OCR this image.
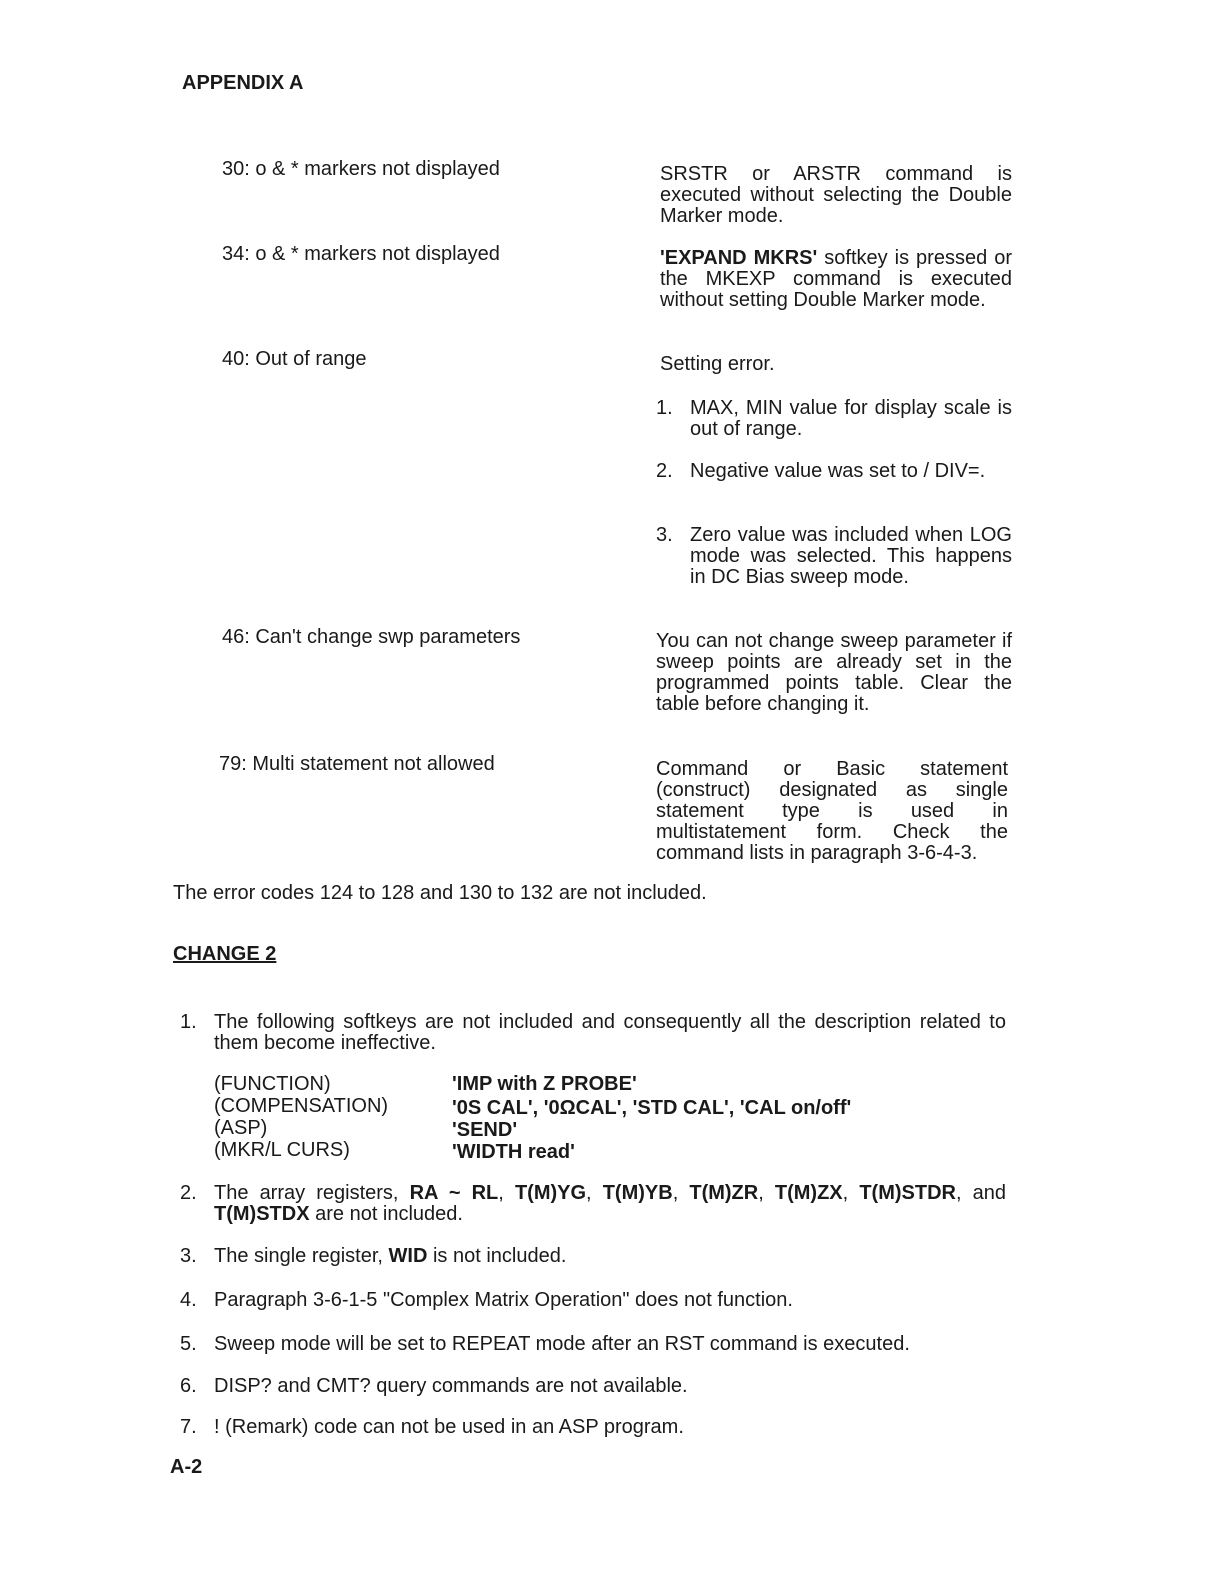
APPENDIX A
30: o & * markers not displayed	SRSTR or ARSTR command is executed without selecting the Double Marker mode.
34: o & * markers not displayed	'EXPAND MKRS' softkey is pressed or the MKEXP command is executed without setting Double Marker mode.
40: Out of range	Setting error.
1. MAX, MIN value for display scale is out of range.
2. Negative value was set to / DIV=.
3. Zero value was included when LOG mode was selected. This happens in DC Bias sweep mode.
46: Can't change swp parameters	You can not change sweep parameter if sweep points are already set in the programmed points table. Clear the table before changing it.
79: Multi statement not allowed	Command or Basic statement (construct) designated as single statement type is used in multistatement form. Check the command lists in paragraph 3-6-4-3.
The error codes 124 to 128 and 130 to 132 are not included.
CHANGE 2
1. The following softkeys are not included and consequently all the description related to them become ineffective.
(FUNCTION)	'IMP with Z PROBE'
(COMPENSATION)	'0S CAL', '0ΩCAL', 'STD CAL', 'CAL on/off'
(ASP)	'SEND'
(MKR/L CURS)	'WIDTH read'
2. The array registers, RA ~ RL, T(M)YG, T(M)YB, T(M)ZR, T(M)ZX, T(M)STDR, and T(M)STDX are not included.
3. The single register, WID is not included.
4. Paragraph 3-6-1-5 "Complex Matrix Operation" does not function.
5. Sweep mode will be set to REPEAT mode after an RST command is executed.
6. DISP? and CMT? query commands are not available.
7. ! (Remark) code can not be used in an ASP program.
A-2
